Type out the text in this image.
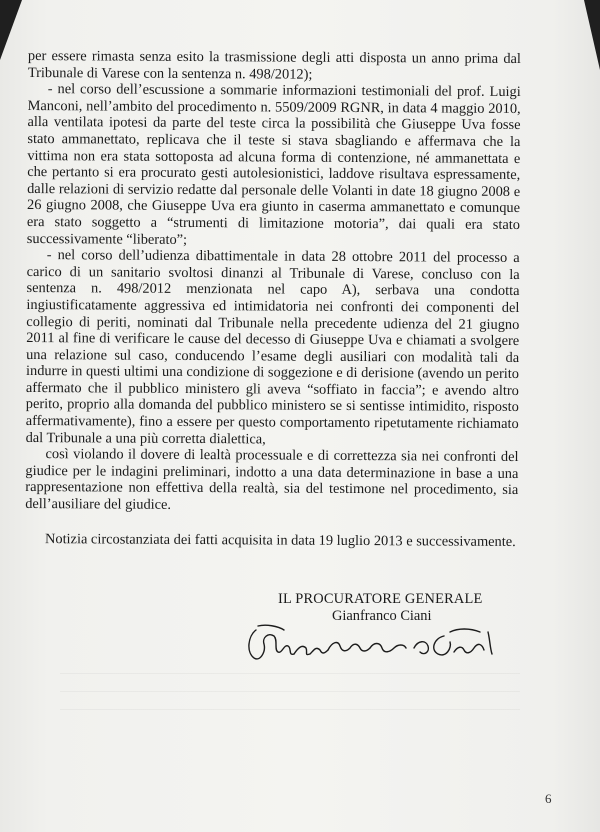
per essere rimasta senza esito la trasmissione degli atti disposta un anno prima dal Tribunale di Varese con la sentenza n. 498/2012);

- nel corso dell’escussione a sommarie informazioni testimoniali del prof. Luigi Manconi, nell’ambito del procedimento n. 5509/2009 RGNR, in data 4 maggio 2010, alla ventilata ipotesi da parte del teste circa la possibilità che Giuseppe Uva fosse stato ammanettato, replicava che il teste si stava sbagliando e affermava che la vittima non era stata sottoposta ad alcuna forma di contenzione, né ammanettata e che pertanto si era procurato gesti autolesionistici, laddove risultava espressamente, dalle relazioni di servizio redatte dal personale delle Volanti in date 18 giugno 2008 e 26 giugno 2008, che Giuseppe Uva era giunto in caserma ammanettato e comunque era stato soggetto a “strumenti di limitazione motoria”, dai quali era stato successivamente “liberato”;

- nel corso dell’udienza dibattimentale in data 28 ottobre 2011 del processo a carico di un sanitario svoltosi dinanzi al Tribunale di Varese, concluso con la sentenza n. 498/2012 menzionata nel capo A), serbava una condotta ingiustificatamente aggressiva ed intimidatoria nei confronti dei componenti del collegio di periti, nominati dal Tribunale nella precedente udienza del 21 giugno 2011 al fine di verificare le cause del decesso di Giuseppe Uva e chiamati a svolgere una relazione sul caso, conducendo l’esame degli ausiliari con modalità tali da indurre in questi ultimi una condizione di soggezione e di derisione (avendo un perito affermato che il pubblico ministero gli aveva “soffiato in faccia”; e avendo altro perito, proprio alla domanda del pubblico ministero se si sentisse intimidito, risposto affermativamente), fino a essere per questo comportamento ripetutamente richiamato dal Tribunale a una più corretta dialettica,

così violando il dovere di lealtà processuale e di correttezza sia nei confronti del giudice per le indagini preliminari, indotto a una data determinazione in base a una rappresentazione non effettiva della realtà, sia del testimone nel procedimento, sia dell’ausiliare del giudice.

Notizia circostanziata dei fatti acquisita in data 19 luglio 2013 e successivamente.

IL PROCURATORE GENERALE
Gianfranco Ciani
6
